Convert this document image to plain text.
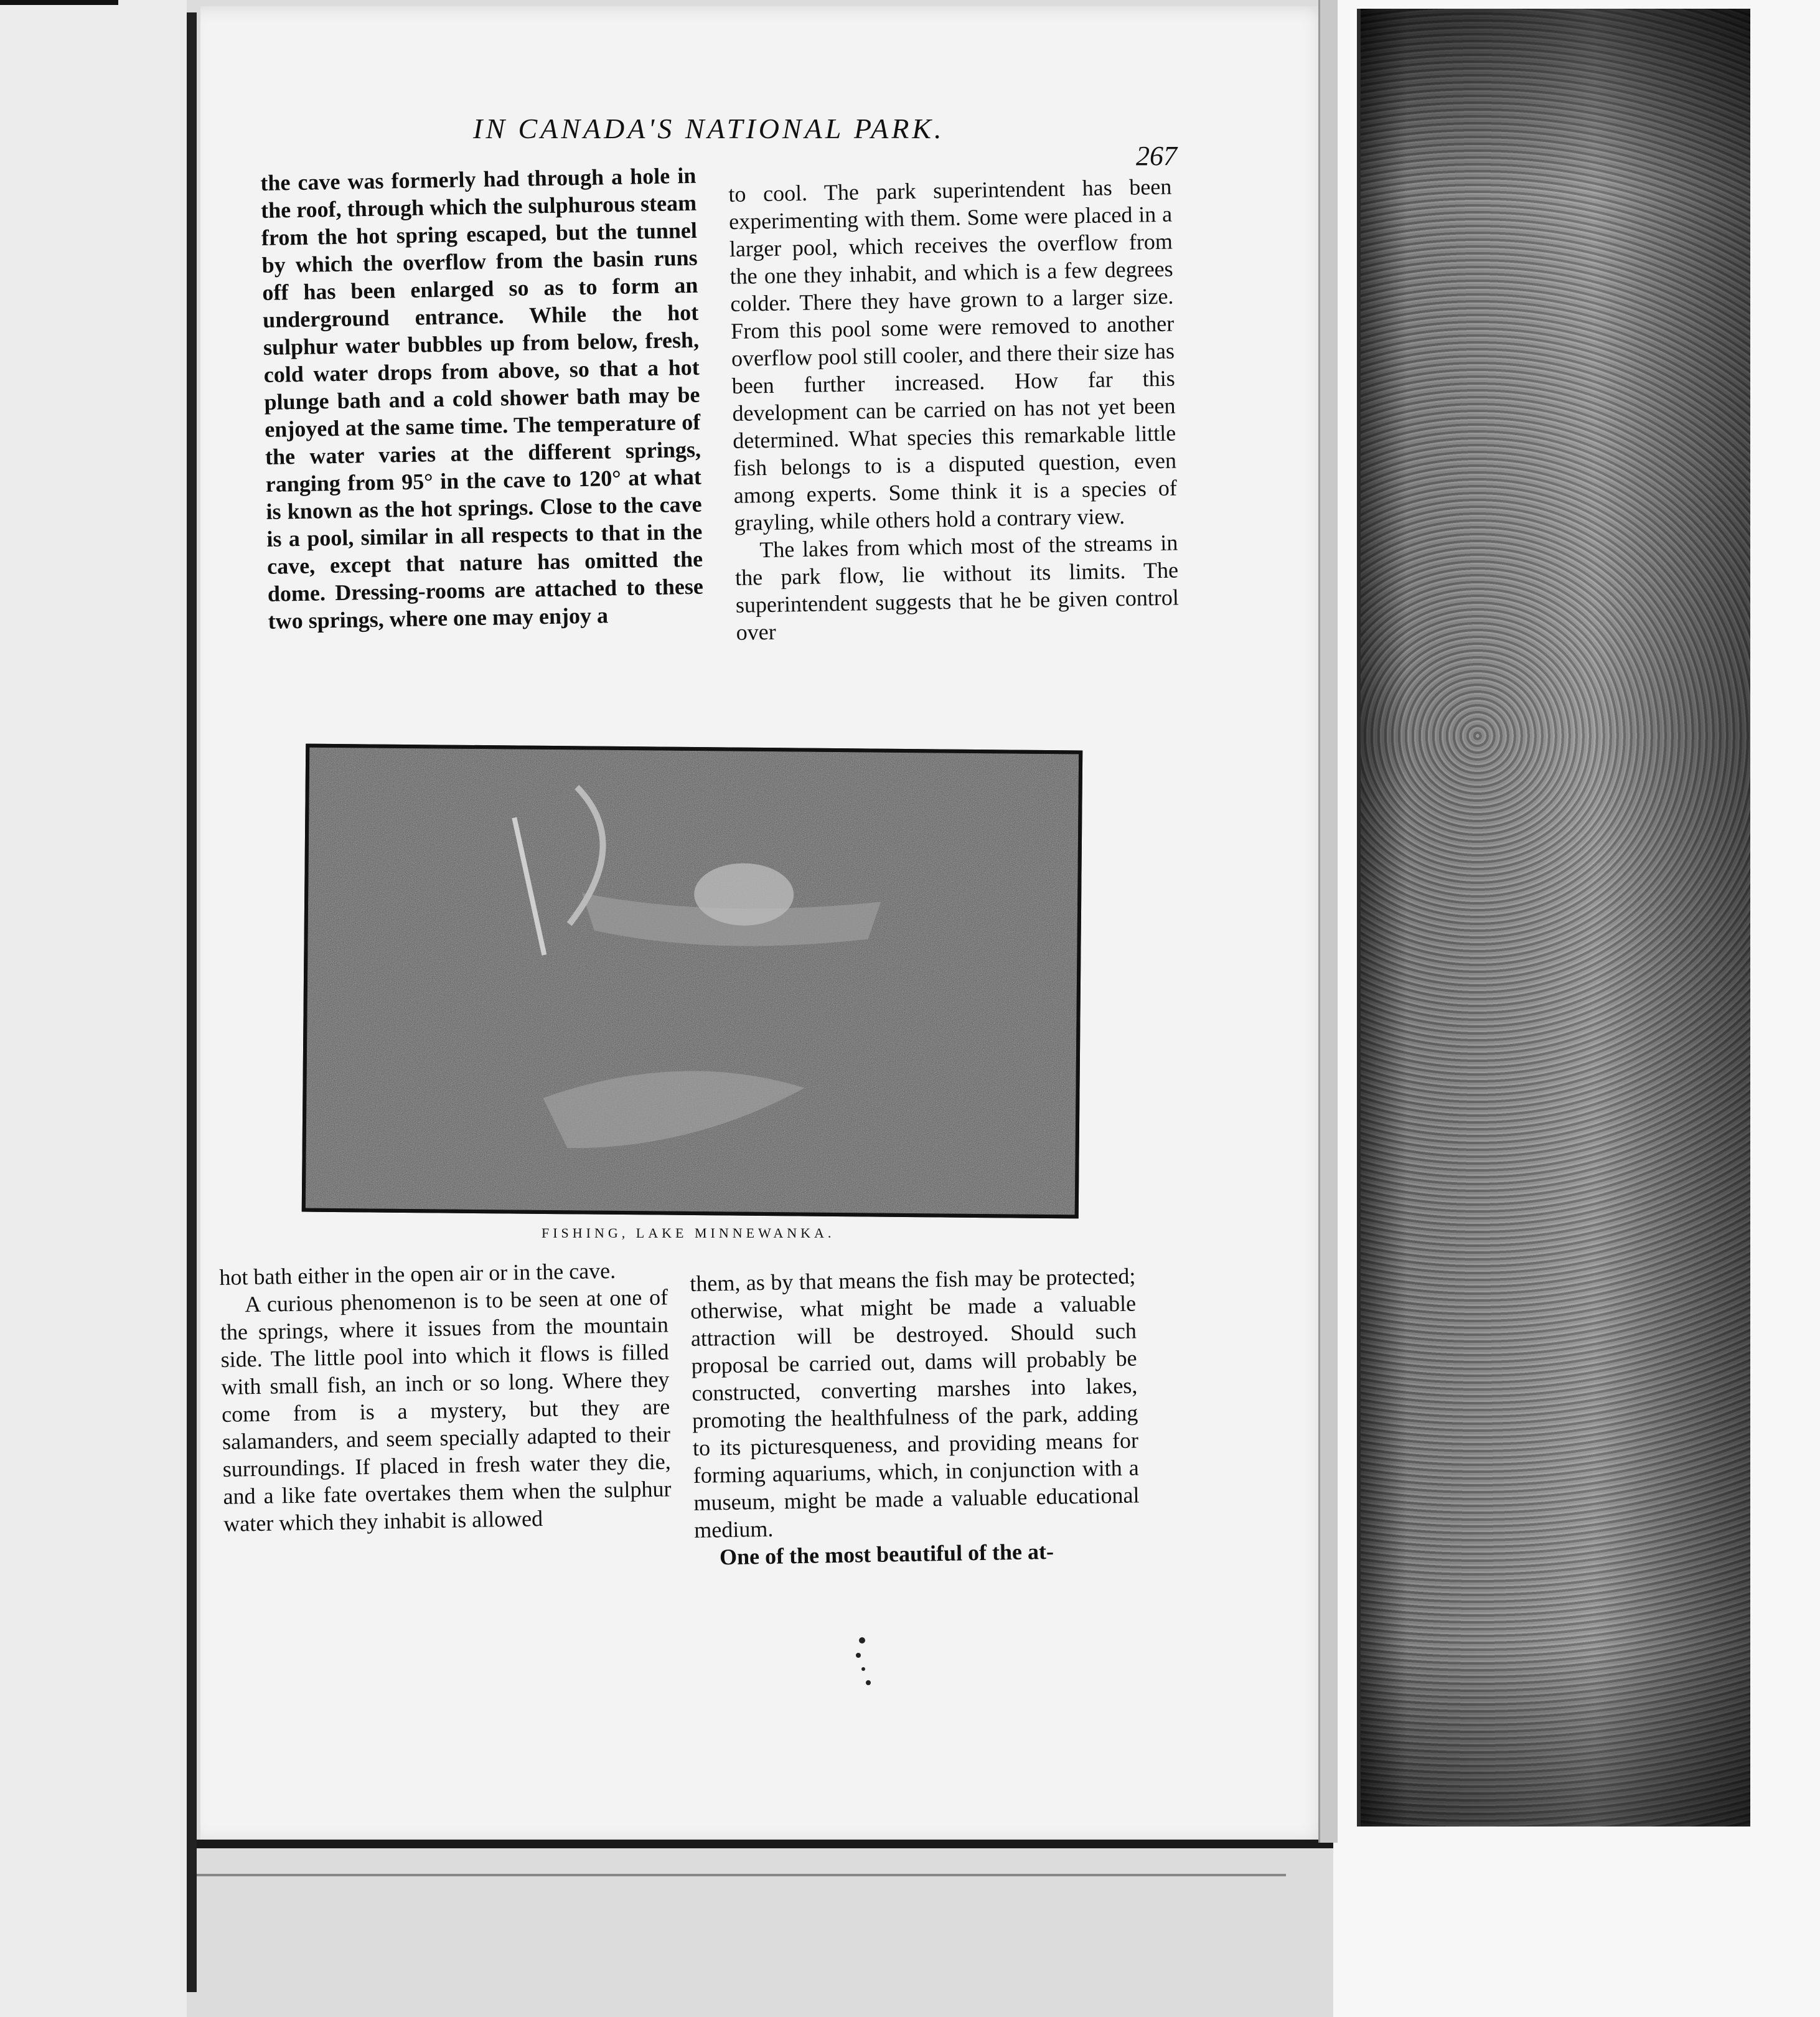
IN CANADA'S NATIONAL PARK.
267

the cave was formerly had through a hole in the roof, through which the sulphurous steam from the hot spring escaped, but the tunnel by which the overflow from the basin runs off has been enlarged so as to form an underground entrance. While the hot sulphur water bubbles up from below, fresh, cold water drops from above, so that a hot plunge bath and a cold shower bath may be enjoyed at the same time. The temperature of the water varies at the different springs, ranging from 95° in the cave to 120° at what is known as the hot springs. Close to the cave is a pool, similar in all respects to that in the cave, except that nature has omitted the dome. Dressing-rooms are attached to these two springs, where one may enjoy a

to cool. The park superintendent has been experimenting with them. Some were placed in a larger pool, which receives the overflow from the one they inhabit, and which is a few degrees colder. There they have grown to a larger size. From this pool some were removed to another overflow pool still cooler, and there their size has been further increased. How far this development can be carried on has not yet been determined. What species this remarkable little fish belongs to is a disputed question, even among experts. Some think it is a species of grayling, while others hold a contrary view.

The lakes from which most of the streams in the park flow, lie without its limits. The superintendent suggests that he be given control over

FISHING, LAKE MINNEWANKA.

hot bath either in the open air or in the cave.

A curious phenomenon is to be seen at one of the springs, where it issues from the mountain side. The little pool into which it flows is filled with small fish, an inch or so long. Where they come from is a mystery, but they are salamanders, and seem specially adapted to their surroundings. If placed in fresh water they die, and a like fate overtakes them when the sulphur water which they inhabit is allowed

them, as by that means the fish may be protected; otherwise, what might be made a valuable attraction will be destroyed. Should such proposal be carried out, dams will probably be constructed, converting marshes into lakes, promoting the healthfulness of the park, adding to its picturesqueness, and providing means for forming aquariums, which, in conjunction with a museum, might be made a valuable educational medium.

One of the most beautiful of the at-
